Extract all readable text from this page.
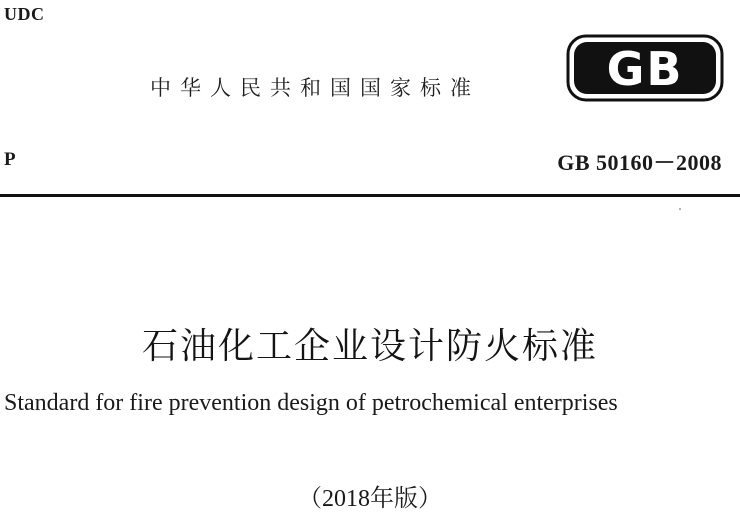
UDC
中华人民共和国国家标准	GB
P	GB 50160－2008
石油化工企业设计防火标准
Standard for fire prevention design of petrochemical enterprises
（2018年版）
